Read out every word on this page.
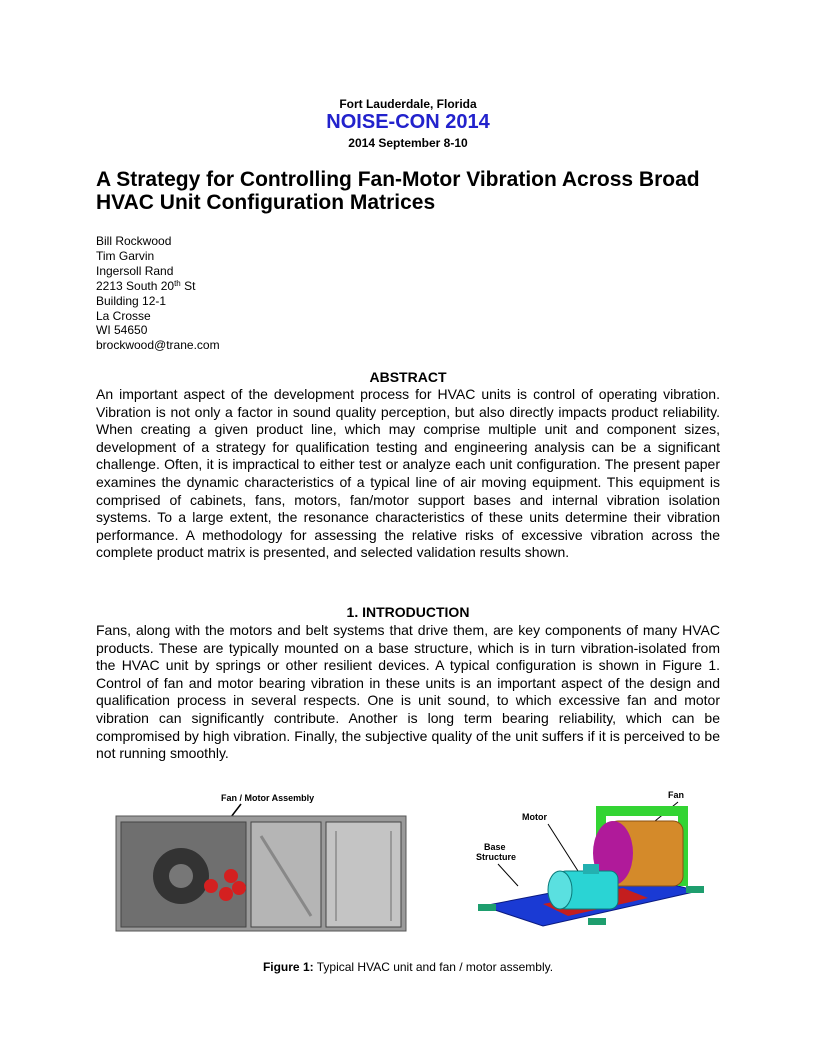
Fort Lauderdale, Florida
NOISE-CON 2014
2014 September 8-10
A Strategy for Controlling Fan-Motor Vibration Across Broad HVAC Unit Configuration Matrices
Bill Rockwood
Tim Garvin
Ingersoll Rand
2213 South 20th St
Building 12-1
La Crosse
WI 54650
brockwood@trane.com
ABSTRACT

An important aspect of the development process for HVAC units is control of operating vibration. Vibration is not only a factor in sound quality perception, but also directly impacts product reliability. When creating a given product line, which may comprise multiple unit and component sizes, development of a strategy for qualification testing and engineering analysis can be a significant challenge. Often, it is impractical to either test or analyze each unit configuration. The present paper examines the dynamic characteristics of a typical line of air moving equipment. This equipment is comprised of cabinets, fans, motors, fan/motor support bases and internal vibration isolation systems. To a large extent, the resonance characteristics of these units determine their vibration performance. A methodology for assessing the relative risks of excessive vibration across the complete product matrix is presented, and selected validation results shown.

1. INTRODUCTION

Fans, along with the motors and belt systems that drive them, are key components of many HVAC products. These are typically mounted on a base structure, which is in turn vibration-isolated from the HVAC unit by springs or other resilient devices. A typical configuration is shown in Figure 1. Control of fan and motor bearing vibration in these units is an important aspect of the design and qualification process in several respects. One is unit sound, to which excessive fan and motor vibration can significantly contribute. Another is long term bearing reliability, which can be compromised by high vibration. Finally, the subjective quality of the unit suffers if it is perceived to be not running smoothly.

Fan / Motor Assembly	Fan
Motor
Base
Structure
Figure 1: Typical HVAC unit and fan / motor assembly.
